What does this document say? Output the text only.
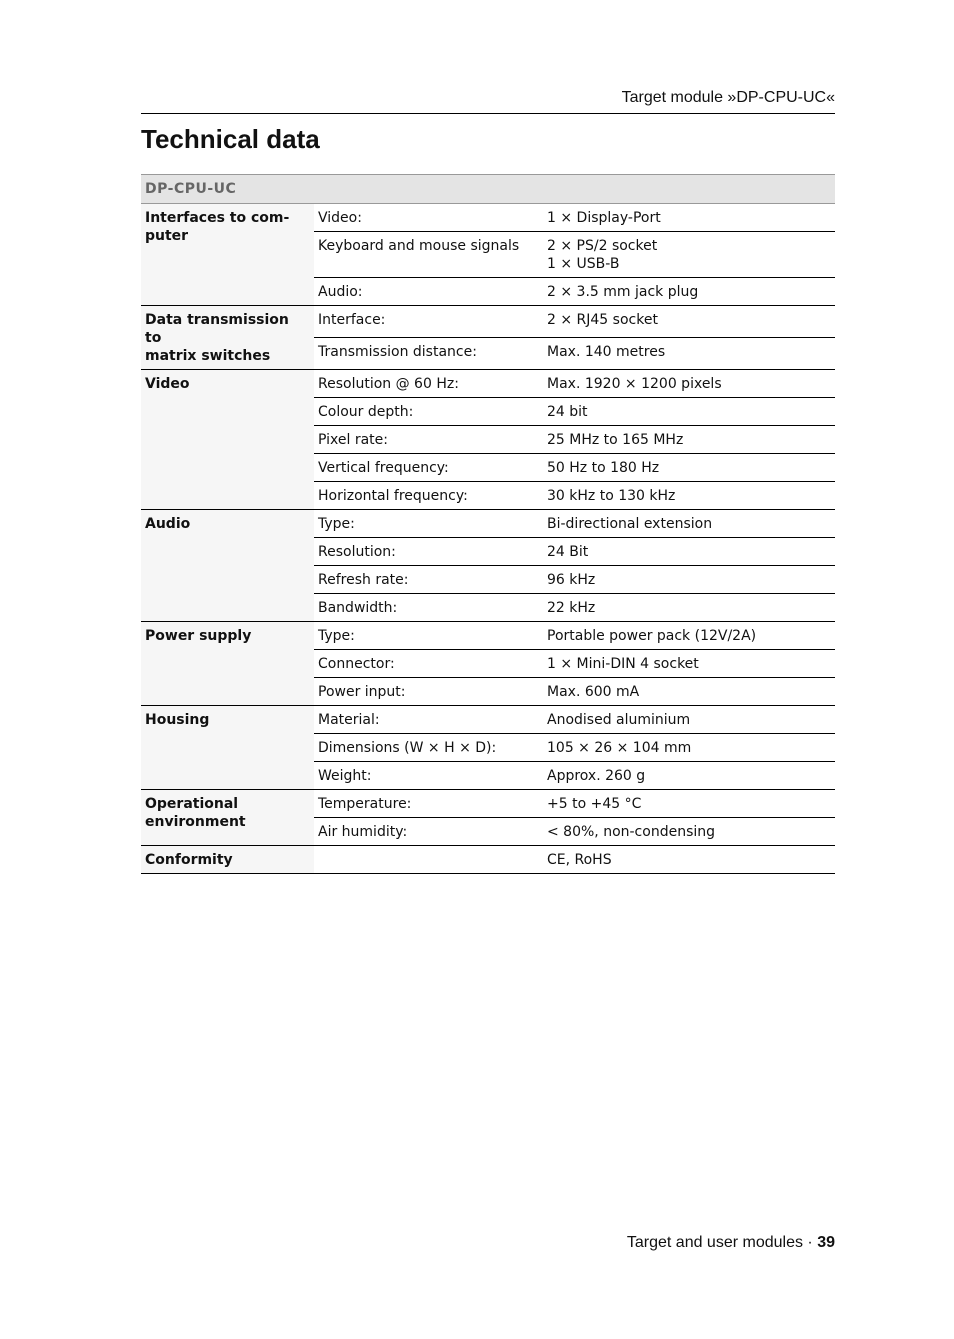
Target module »DP-CPU-UC«
Technical data
DP-CPU-UC		

Interfaces to com-
puter	Video:	1 × Display-Port
	Keyboard and mouse signals	2 × PS/2 socket
1 × USB-B

	Audio:	2 × 3.5 mm jack plug

Data transmission to
matrix switches	Interface:	2 × RJ45 socket
	Transmission distance:	Max. 140 metres
Video	Resolution @ 60 Hz:	Max. 1920 × 1200 pixels
	Colour depth:	24 bit
	Pixel rate:	25 MHz to 165 MHz
	Vertical frequency:	50 Hz to 180 Hz
	Horizontal frequency:	30 kHz to 130 kHz
Audio	Type:	Bi-directional extension
	Resolution:	24 Bit
	Refresh rate:	96 kHz
	Bandwidth:	22 kHz
Power supply	Type:	Portable power pack (12V/2A)
	Connector:	1 × Mini-DIN 4 socket
	Power input:	Max. 600 mA
Housing	Material:	Anodised aluminium
	Dimensions (W × H × D):	105 × 26 × 104 mm
	Weight:	Approx. 260 g

Operational
environment	Temperature:	+5 to +45 °C
	Air humidity:	< 80%, non-condensing
Conformity		CE, RoHS
Target and user modules · 39
